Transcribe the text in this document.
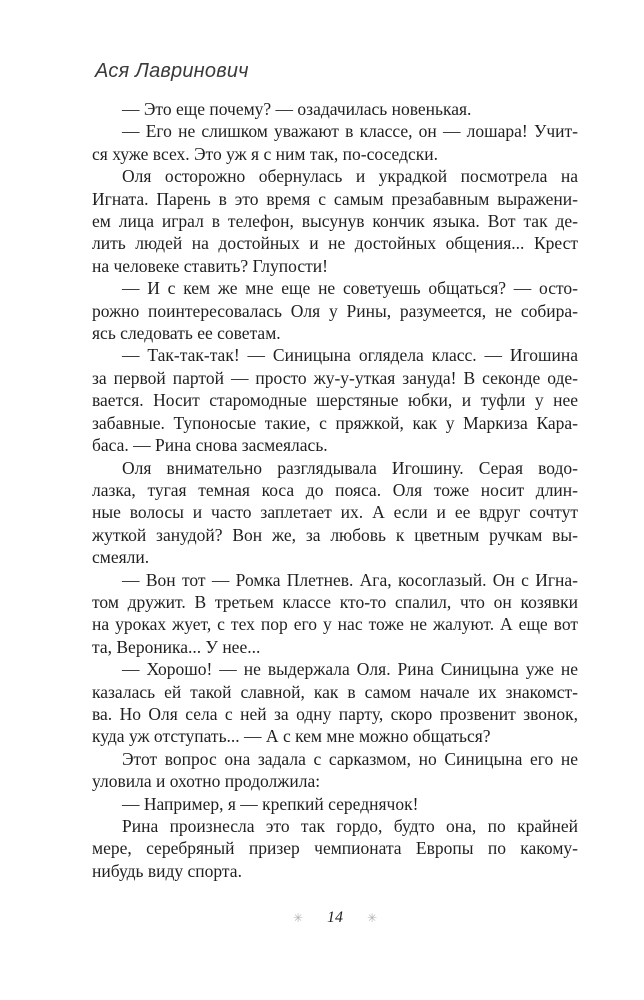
Ася Лавринович

— Это еще почему? — озадачилась новенькая.

— Его не слишком уважают в классе, он — лошара! Учит-
ся хуже всех. Это уж я с ним так, по-соседски.

Оля осторожно обернулась и украдкой посмотрела на
Игната. Парень в это время с самым презабавным выражени-
ем лица играл в телефон, высунув кончик языка. Вот так де-
лить людей на достойных и не достойных общения... Крест
на человеке ставить? Глупости!

— И с кем же мне еще не советуешь общаться? — осто-
рожно поинтересовалась Оля у Рины, разумеется, не собира-
ясь следовать ее советам.

— Так-так-так! — Синицына оглядела класс. — Игошина
за первой партой — просто жу-у-уткая зануда! В секонде оде-
вается. Носит старомодные шерстяные юбки, и туфли у нее
забавные. Тупоносые такие, с пряжкой, как у Маркиза Кара-
баса. — Рина снова засмеялась.

Оля внимательно разглядывала Игошину. Серая водо-
лазка, тугая темная коса до пояса. Оля тоже носит длин-
ные волосы и часто заплетает их. А если и ее вдруг сочтут
жуткой занудой? Вон же, за любовь к цветным ручкам вы-
смеяли.

— Вон тот — Ромка Плетнев. Ага, косоглазый. Он с Игна-
том дружит. В третьем классе кто-то спалил, что он козявки
на уроках жует, с тех пор его у нас тоже не жалуют. А еще вот
та, Вероника... У нее...

— Хорошо! — не выдержала Оля. Рина Синицына уже не
казалась ей такой славной, как в самом начале их знакомст-
ва. Но Оля села с ней за одну парту, скоро прозвенит звонок,
куда уж отступать... — А с кем мне можно общаться?

Этот вопрос она задала с сарказмом, но Синицына его не
уловила и охотно продолжила:

— Например, я — крепкий середнячок!

Рина произнесла это так гордо, будто она, по крайней
мере, серебряный призер чемпионата Европы по какому-
нибудь виду спорта.

✳ 14 ✳
